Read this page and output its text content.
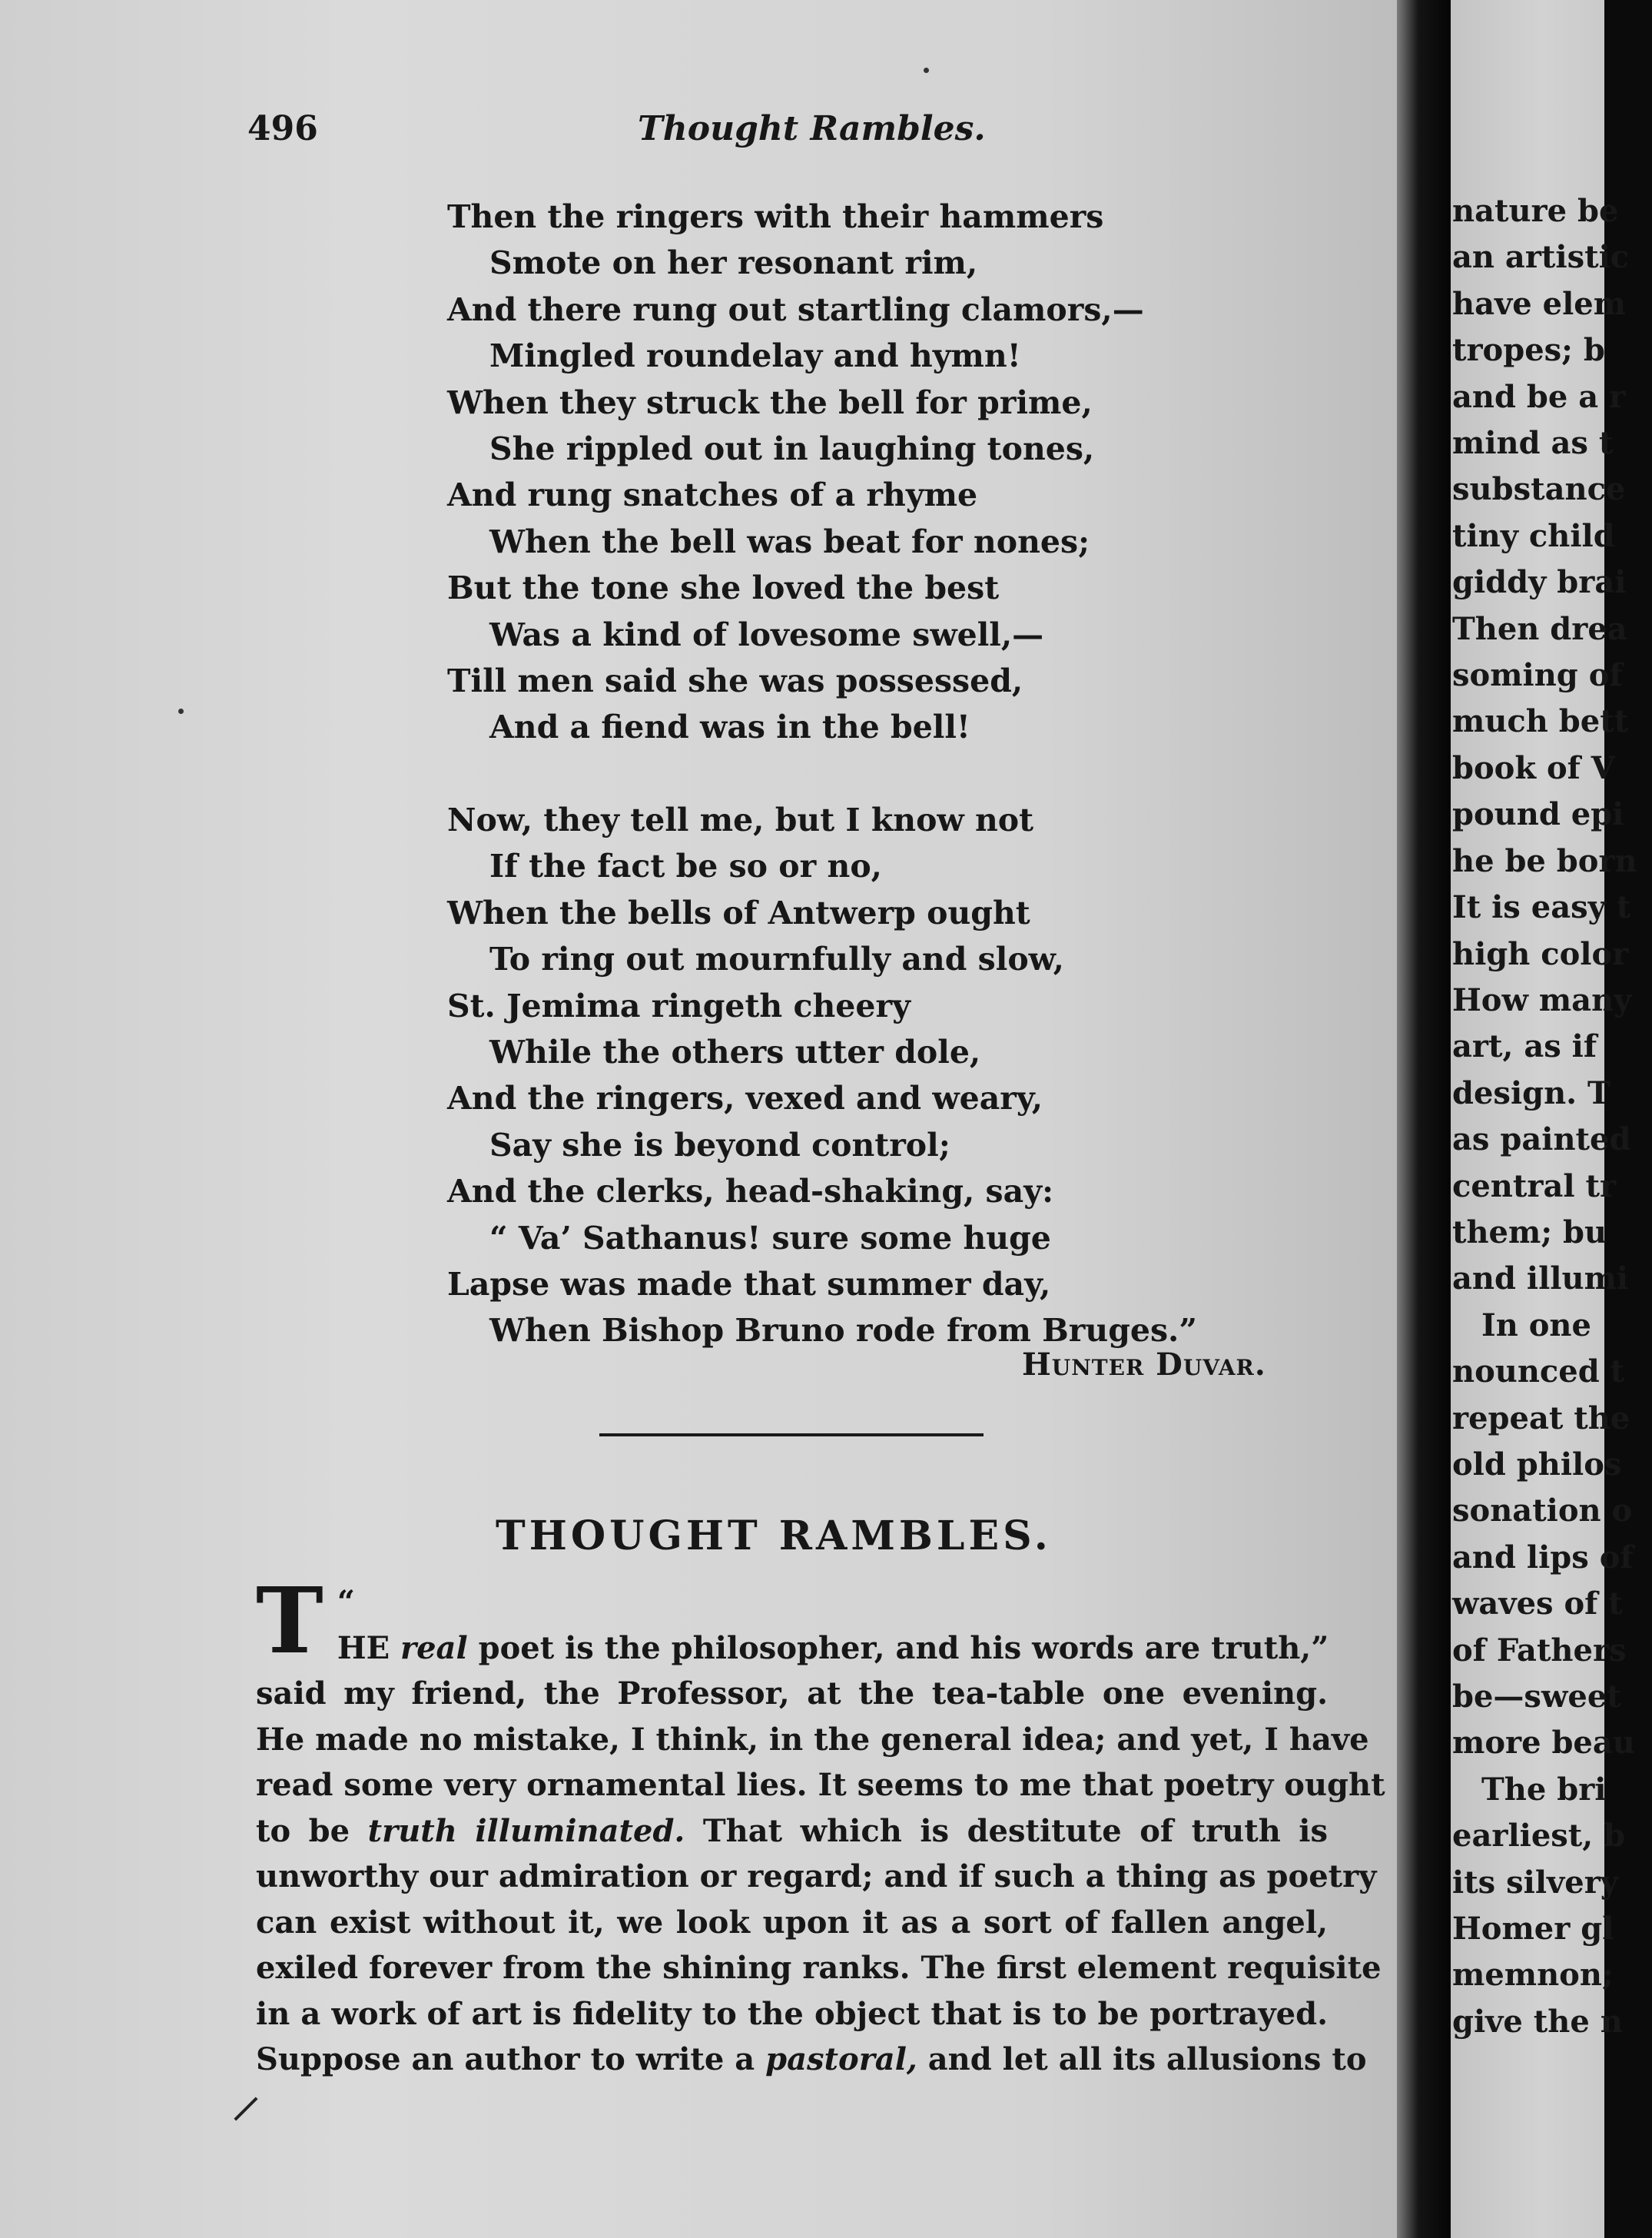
496	Thought Rambles.
Then the ringers with their hammers
Smote on her resonant rim,
And there rung out startling clamors,—
Mingled roundelay and hymn!
When they struck the bell for prime,
She rippled out in laughing tones,
And rung snatches of a rhyme
When the bell was beat for nones;
But the tone she loved the best
Was a kind of lovesome swell,—
Till men said she was possessed,
And a fiend was in the bell!
Now, they tell me, but I know not
If the fact be so or no,
When the bells of Antwerp ought
To ring out mournfully and slow,
St. Jemima ringeth cheery
While the others utter dole,
And the ringers, vexed and weary,
Say she is beyond control;
And the clerks, head-shaking, say:
“ Va’ Sathanus! sure some huge
Lapse was made that summer day,
When Bishop Bruno rode from Bruges.”
Hunter Duvar.
THOUGHT RAMBLES.
“
T HE real poet is the philosopher, and his words are truth,”
said my friend, the Professor, at the tea-table one evening.
He made no mistake, I think, in the general idea; and yet, I have
read some very ornamental lies. It seems to me that poetry ought
to be truth illuminated. That which is destitute of truth is
unworthy our admiration or regard; and if such a thing as poetry
can exist without it, we look upon it as a sort of fallen angel,
exiled forever from the shining ranks. The first element requisite
in a work of art is fidelity to the object that is to be portrayed.
Suppose an author to write a pastoral, and let all its allusions to
nature be
an artistic
have elem
tropes; b
and be a r
mind as t
substance
tiny child
giddy brai
Then drea
soming of
much bett
book of V
pound epi
he be born
It is easy t
high color
How many
art, as if
design. T
as painted
central tr
them; bu
and illumi
In one
nounced t
repeat the
old philos
sonation o
and lips of
waves of t
of Fathers
be—sweet
more beau
The bri
earliest, b
its silvery
Homer gl
memnon;
give the n
